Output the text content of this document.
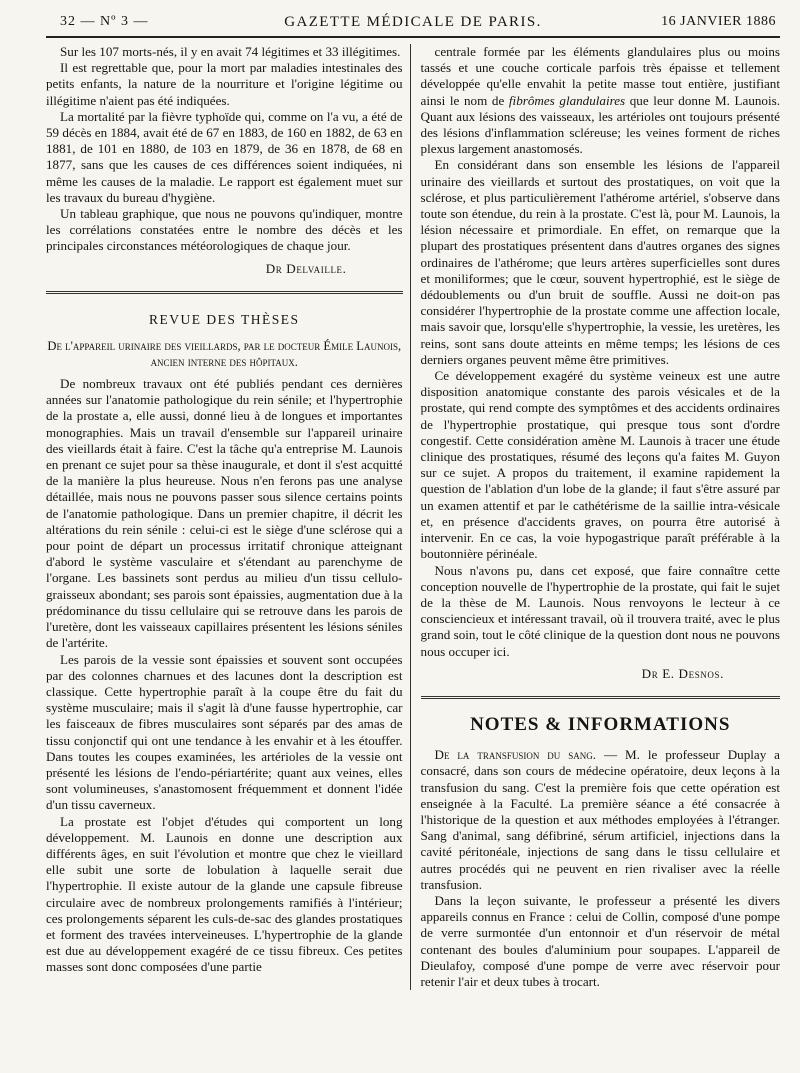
32 — Nº 3 —	GAZETTE MÉDICALE DE PARIS.	16 JANVIER 1886

Sur les 107 morts-nés, il y en avait 74 légitimes et 33 illégitimes.

Il est regrettable que, pour la mort par maladies intestinales des petits enfants, la nature de la nourriture et l'origine légitime ou illégitime n'aient pas été indiquées.

La mortalité par la fièvre typhoïde qui, comme on l'a vu, a été de 59 décès en 1884, avait été de 67 en 1883, de 160 en 1882, de 63 en 1881, de 101 en 1880, de 103 en 1879, de 36 en 1878, de 68 en 1877, sans que les causes de ces différences soient indiquées, ni même les causes de la maladie. Le rapport est également muet sur les travaux du bureau d'hygiène.

Un tableau graphique, que nous ne pouvons qu'indiquer, montre les corrélations constatées entre le nombre des décès et les principales circonstances météorologiques de chaque jour.

Dr Delvaille.
REVUE DES THÈSES
De l'appareil urinaire des vieillards, par le docteur Émile Launois, ancien interne des hôpitaux.

De nombreux travaux ont été publiés pendant ces dernières années sur l'anatomie pathologique du rein sénile; et l'hypertrophie de la prostate a, elle aussi, donné lieu à de longues et importantes monographies. Mais un travail d'ensemble sur l'appareil urinaire des vieillards était à faire. C'est la tâche qu'a entreprise M. Launois en prenant ce sujet pour sa thèse inaugurale, et dont il s'est acquitté de la manière la plus heureuse. Nous n'en ferons pas une analyse détaillée, mais nous ne pouvons passer sous silence certains points de l'anatomie pathologique. Dans un premier chapitre, il décrit les altérations du rein sénile : celui-ci est le siège d'une sclérose qui a pour point de départ un processus irritatif chronique atteignant d'abord le système vasculaire et s'étendant au parenchyme de l'organe. Les bassinets sont perdus au milieu d'un tissu cellulo-graisseux abondant; ses parois sont épaissies, augmentation due à la prédominance du tissu cellulaire qui se retrouve dans les parois de l'uretère, dont les vaisseaux capillaires présentent les lésions séniles de l'artérite.

Les parois de la vessie sont épaissies et souvent sont occupées par des colonnes charnues et des lacunes dont la description est classique. Cette hypertrophie paraît à la coupe être du fait du système musculaire; mais il s'agit là d'une fausse hypertrophie, car les faisceaux de fibres musculaires sont séparés par des amas de tissu conjonctif qui ont une tendance à les envahir et à les étouffer. Dans toutes les coupes examinées, les artérioles de la vessie ont présenté les lésions de l'endo-périartérite; quant aux veines, elles sont volumineuses, s'anastomosent fréquemment et donnent l'idée d'un tissu caverneux.

La prostate est l'objet d'études qui comportent un long développement. M. Launois en donne une description aux différents âges, en suit l'évolution et montre que chez le vieillard elle subit une sorte de lobulation à laquelle serait due l'hypertrophie. Il existe autour de la glande une capsule fibreuse circulaire avec de nombreux prolongements ramifiés à l'intérieur; ces prolongements séparent les culs-de-sac des glandes prostatiques et forment des travées interveineuses. L'hypertrophie de la glande est due au développement exagéré de ce tissu fibreux. Ces petites masses sont donc composées d'une partie

centrale formée par les éléments glandulaires plus ou moins tassés et une couche corticale parfois très épaisse et tellement développée qu'elle envahit la petite masse tout entière, justifiant ainsi le nom de fibrômes glandulaires que leur donne M. Launois. Quant aux lésions des vaisseaux, les artérioles ont toujours présenté des lésions d'inflammation scléreuse; les veines forment de riches plexus largement anastomosés.

En considérant dans son ensemble les lésions de l'appareil urinaire des vieillards et surtout des prostatiques, on voit que la sclérose, et plus particulièrement l'athérome artériel, s'observe dans toute son étendue, du rein à la prostate. C'est là, pour M. Launois, la lésion nécessaire et primordiale. En effet, on remarque que la plupart des prostatiques présentent dans d'autres organes des signes ordinaires de l'athérome; que leurs artères superficielles sont dures et moniliformes; que le cœur, souvent hypertrophié, est le siège de dédoublements ou d'un bruit de souffle. Aussi ne doit-on pas considérer l'hypertrophie de la prostate comme une affection locale, mais savoir que, lorsqu'elle s'hypertrophie, la vessie, les uretères, les reins, sont sans doute atteints en même temps; les lésions de ces derniers organes peuvent même être primitives.

Ce développement exagéré du système veineux est une autre disposition anatomique constante des parois vésicales et de la prostate, qui rend compte des symptômes et des accidents ordinaires de l'hypertrophie prostatique, qui presque tous sont d'ordre congestif. Cette considération amène M. Launois à tracer une étude clinique des prostatiques, résumé des leçons qu'a faites M. Guyon sur ce sujet. A propos du traitement, il examine rapidement la question de l'ablation d'un lobe de la glande; il faut s'être assuré par un examen attentif et par le cathétérisme de la saillie intra-vésicale et, en présence d'accidents graves, on pourra être autorisé à intervenir. En ce cas, la voie hypogastrique paraît préférable à la boutonnière périnéale.

Nous n'avons pu, dans cet exposé, que faire connaître cette conception nouvelle de l'hypertrophie de la prostate, qui fait le sujet de la thèse de M. Launois. Nous renvoyons le lecteur à ce consciencieux et intéressant travail, où il trouvera traité, avec le plus grand soin, tout le côté clinique de la question dont nous ne pouvons nous occuper ici.

Dr E. Desnos.
NOTES & INFORMATIONS

De la transfusion du sang. — M. le professeur Duplay a consacré, dans son cours de médecine opératoire, deux leçons à la transfusion du sang. C'est la première fois que cette opération est enseignée à la Faculté. La première séance a été consacrée à l'historique de la question et aux méthodes employées à l'étranger. Sang d'animal, sang défibriné, sérum artificiel, injections dans la cavité péritonéale, injections de sang dans le tissu cellulaire et autres procédés qui ne peuvent en rien rivaliser avec la réelle transfusion.

Dans la leçon suivante, le professeur a présenté les divers appareils connus en France : celui de Collin, composé d'une pompe de verre surmontée d'un entonnoir et d'un réservoir de métal contenant des boules d'aluminium pour soupapes. L'appareil de Dieulafoy, composé d'une pompe de verre avec réservoir pour retenir l'air et deux tubes à trocart.
